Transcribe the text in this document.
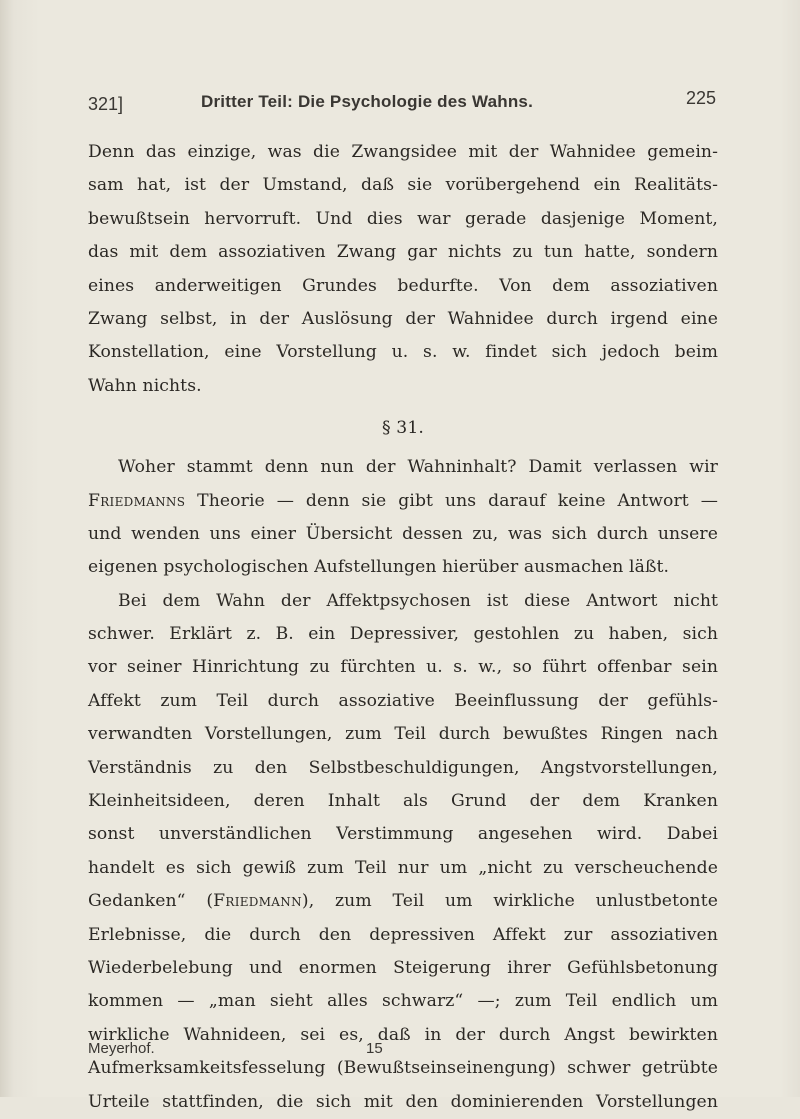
321]	Dritter Teil: Die Psychologie des Wahns.	225
Denn das einzige, was die Zwangsidee mit der Wahnidee gemein-
sam hat, ist der Umstand, daß sie vorübergehend ein Realitäts-
bewußtsein hervorruft. Und dies war gerade dasjenige Moment,
das mit dem assoziativen Zwang gar nichts zu tun hatte, sondern
eines anderweitigen Grundes bedurfte. Von dem assoziativen
Zwang selbst, in der Auslösung der Wahnidee durch irgend eine
Konstellation, eine Vorstellung u. s. w. findet sich jedoch beim
Wahn nichts.
§ 31.
Woher stammt denn nun der Wahninhalt? Damit verlassen wir
Friedmanns Theorie — denn sie gibt uns darauf keine Antwort —
und wenden uns einer Übersicht dessen zu, was sich durch unsere
eigenen psychologischen Aufstellungen hierüber ausmachen läßt.
Bei dem Wahn der Affektpsychosen ist diese Antwort nicht
schwer. Erklärt z. B. ein Depressiver, gestohlen zu haben, sich
vor seiner Hinrichtung zu fürchten u. s. w., so führt offenbar sein
Affekt zum Teil durch assoziative Beeinflussung der gefühls-
verwandten Vorstellungen, zum Teil durch bewußtes Ringen nach
Verständnis zu den Selbstbeschuldigungen, Angstvorstellungen,
Kleinheitsideen, deren Inhalt als Grund der dem Kranken
sonst unverständlichen Verstimmung angesehen wird. Dabei
handelt es sich gewiß zum Teil nur um „nicht zu verscheuchende
Gedanken“ (Friedmann), zum Teil um wirkliche unlustbetonte
Erlebnisse, die durch den depressiven Affekt zur assoziativen
Wiederbelebung und enormen Steigerung ihrer Gefühlsbetonung
kommen — „man sieht alles schwarz“ —; zum Teil endlich um
wirkliche Wahnideen, sei es, daß in der durch Angst bewirkten
Aufmerksamkeitsfesselung (Bewußtseinseinengung) schwer getrübte
Urteile stattfinden, die sich mit den dominierenden Vorstellungen
Meyerhof.	15
